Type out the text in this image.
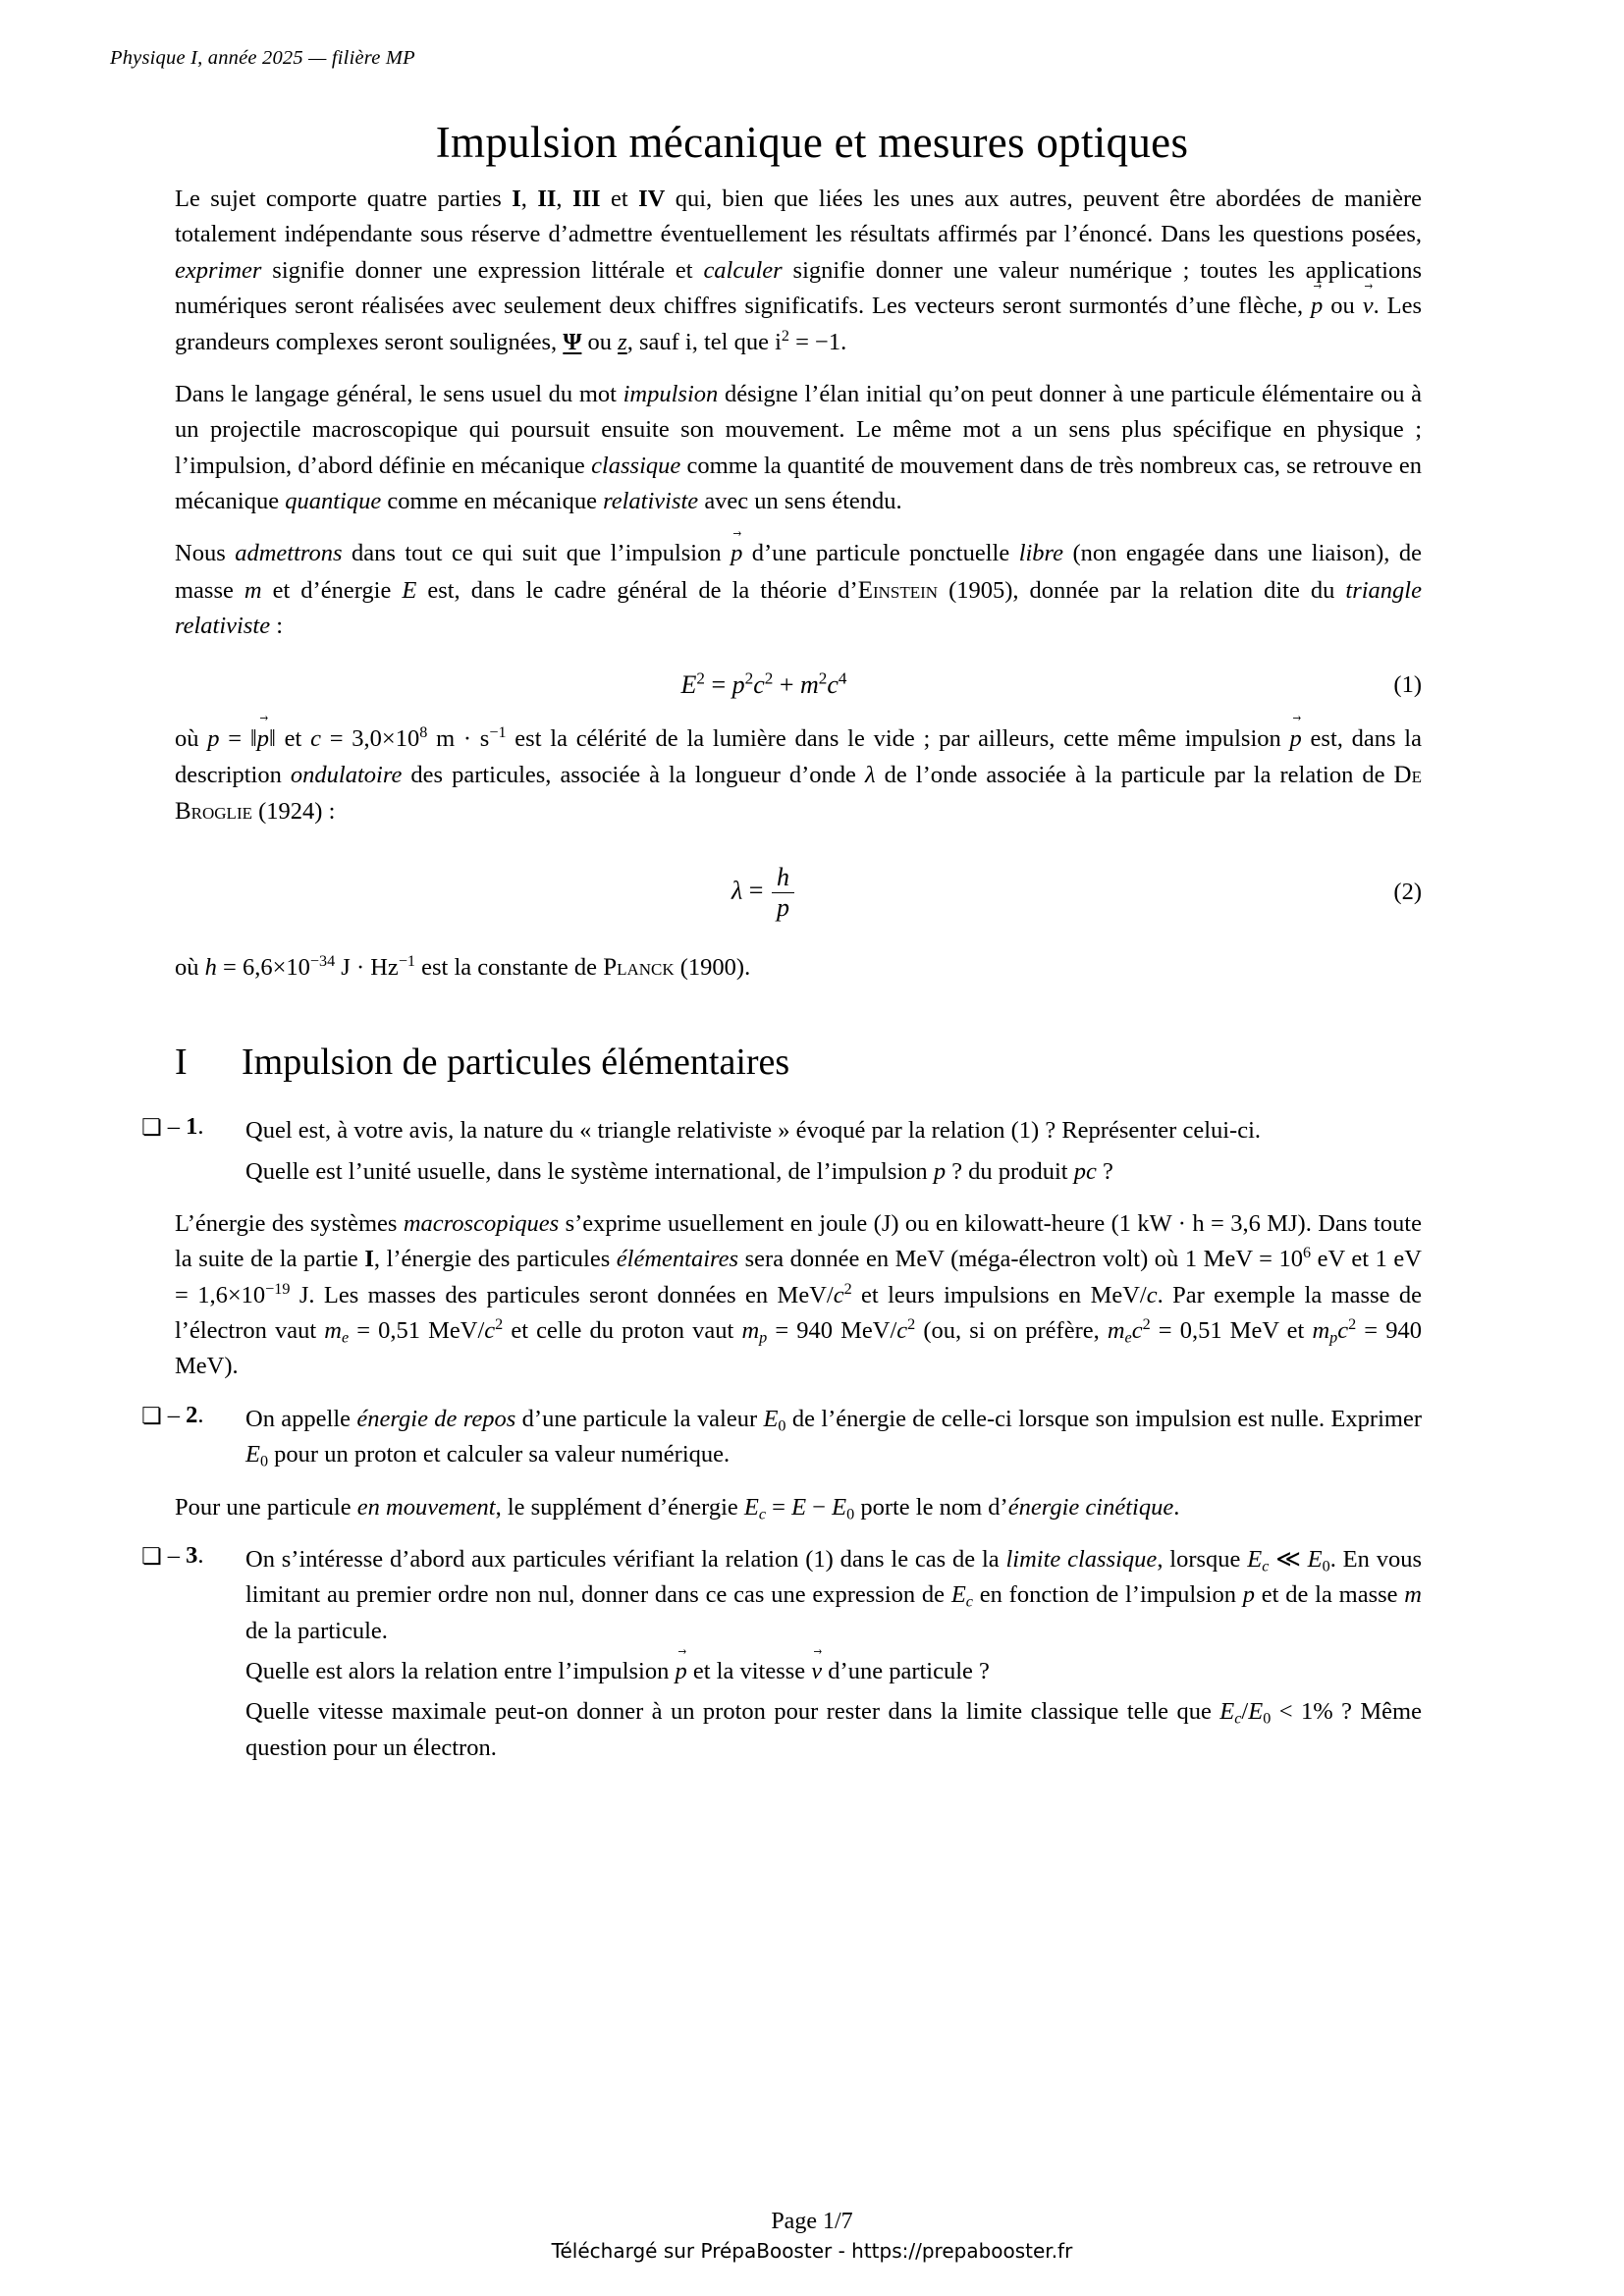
Physique I, année 2025 — filière MP
Impulsion mécanique et mesures optiques

Le sujet comporte quatre parties I, II, III et IV qui, bien que liées les unes aux autres, peuvent être abordées de manière totalement indépendante sous réserve d’admettre éventuellement les résultats affirmés par l’énoncé. Dans les questions posées, exprimer signifie donner une expression littérale et calculer signifie donner une valeur numérique ; toutes les applications numériques seront réalisées avec seulement deux chiffres significatifs. Les vecteurs seront surmontés d’une flèche, p → ou v →. Les grandeurs complexes seront soulignées, Ψ ou z, sauf i, tel que $i^2 = -1$.

Dans le langage général, le sens usuel du mot impulsion désigne l’élan initial qu’on peut donner à une particule élémentaire ou à un projectile macroscopique qui poursuit ensuite son mouvement. Le même mot a un sens plus spécifique en physique ; l’impulsion, d’abord définie en mécanique classique comme la quantité de mouvement dans de très nombreux cas, se retrouve en mécanique quantique comme en mécanique relativiste avec un sens étendu.

Nous admettrons dans tout ce qui suit que l’impulsion p → d’une particule ponctuelle libre (non engagée dans une liaison), de masse m et d’énergie E est, dans le cadre général de la théorie d’Einstein (1905), donnée par la relation dite du triangle relativiste :

$E^2 = p^2c^2 + m^2c^4$	(1)

où p = ‖p →‖ et $c = 3,0\times 10^8$ $m \cdot s^{-1}$ est la célérité de la lumière dans le vide ; par ailleurs, cette même impulsion p → est, dans la description ondulatoire des particules, associée à la longueur d’onde λ de l’onde associée à la particule par la relation de De Broglie (1924) :

$\lambda = \frac{h}{p}$	(2)

où $h = 6,6\times 10^{-34}$ $J \cdot Hz^{-1}$ est la constante de Planck (1900).

I	Impulsion de particules élémentaires
❏ – 1.	Quel est, à votre avis, la nature du « triangle relativiste » évoqué par la relation (1) ? Représenter celui-ci.

Quelle est l’unité usuelle, dans le système international, de l’impulsion p ? du produit pc ?

L’énergie des systèmes macroscopiques s’exprime usuellement en joule (J) ou en kilowatt-heure (1 kW · h = 3,6 MJ). Dans toute la suite de la partie I, l’énergie des particules élémentaires sera donnée en MeV (méga-électron volt) où 1 MeV = $10^6$ eV et 1 eV = $1,6\times 10^{-19}$ J. Les masses des particules seront données en MeV/$c^2$ et leurs impulsions en MeV/c. Par exemple la masse de l’électron vaut $m_e = 0,51$ MeV/$c^2$ et celle du proton vaut $m_p = 940$ MeV/$c^2$ (ou, si on préfère, $m_ec^2 = 0,51$ MeV et $m_pc^2 = 940$ MeV).

❏ – 2.	On appelle énergie de repos d’une particule la valeur $E_0$ de l’énergie de celle-ci lorsque son impulsion est nulle. Exprimer $E_0$ pour un proton et calculer sa valeur numérique.

Pour une particule en mouvement, le supplément d’énergie $E_c = E - E_0$ porte le nom d’énergie cinétique.

❏ – 3.	On s’intéresse d’abord aux particules vérifiant la relation (1) dans le cas de la limite classique, lorsque $E_c$ ≪ $E_0$. En vous limitant au premier ordre non nul, donner dans ce cas une expression de $E_c$ en fonction de l’impulsion p et de la masse m de la particule.

Quelle est alors la relation entre l’impulsion p → et la vitesse v → d’une particule ?

Quelle vitesse maximale peut-on donner à un proton pour rester dans la limite classique telle que $E_c/E_0 < 1\%$ ? Même question pour un électron.

Page 1/7
Téléchargé sur PrépaBooster - https://prepabooster.fr
